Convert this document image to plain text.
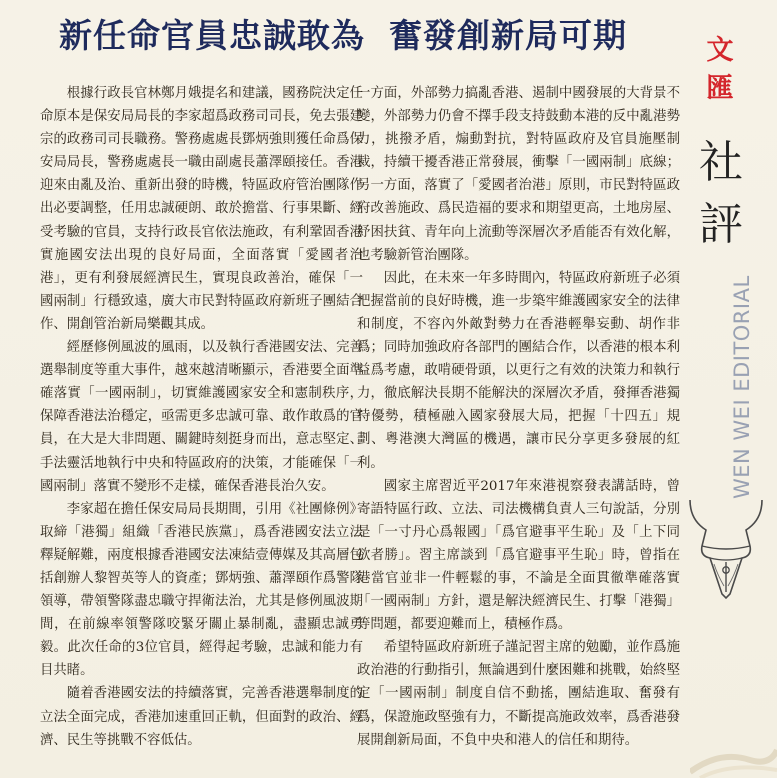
新任命官員忠誠敢為 奮發創新局可期

根據行政長官林鄭月娥提名和建議，國務院決定任命原本是保安局局長的李家超爲政務司司長，免去張建宗的政務司司長職務。警務處處長鄧炳強則獲任命爲保安局局長，警務處處長一職由副處長蕭澤頤接任。香港迎來由亂及治、重新出發的時機，特區政府管治團隊作出必要調整，任用忠誠硬朗、敢於擔當、行事果斷、經受考驗的官員，支持行政長官依法施政，有利鞏固香港實施國安法出現的良好局面，全面落實「愛國者治港」，更有利發展經濟民生，實現良政善治，確保「一國兩制」行穩致遠，廣大市民對特區政府新班子團結合作、開創管治新局樂觀其成。

經歷修例風波的風雨，以及執行香港國安法、完善選舉制度等重大事件，越來越清晰顯示，香港要全面準確落實「一國兩制」，切實維護國家安全和憲制秩序，保障香港法治穩定，亟需更多忠誠可靠、敢作敢爲的官員，在大是大非問題、關鍵時刻挺身而出，意志堅定、手法靈活地執行中央和特區政府的決策，才能確保「一國兩制」落實不變形不走樣，確保香港長治久安。

李家超在擔任保安局局長期間，引用《社團條例》取締「港獨」組織「香港民族黨」，爲香港國安法立法釋疑解難，兩度根據香港國安法凍結壹傳媒及其高層包括創辦人黎智英等人的資產；鄧炳強、蕭澤頤作爲警隊領導，帶領警隊盡忠職守捍衛法治，尤其是修例風波期間，在前線率領警隊咬緊牙關止暴制亂，盡顯忠誠勇毅。此次任命的3位官員，經得起考驗，忠誠和能力有目共睹。

隨着香港國安法的持續落實，完善香港選舉制度的立法全面完成，香港加速重回正軌，但面對的政治、經濟、民生等挑戰不容低估。

一方面，外部勢力搞亂香港、遏制中國發展的大背景不變，外部勢力仍會不擇手段支持鼓動本港的反中亂港勢力，挑撥矛盾，煽動對抗，對特區政府及官員施壓制裁，持續干擾香港正常發展，衝擊「一國兩制」底線；另一方面，落實了「愛國者治港」原則，市民對特區政府改善施政、爲民造福的要求和期望更高，土地房屋、紓困扶貧、青年向上流動等深層次矛盾能否有效化解，也考驗新管治團隊。

因此，在未來一年多時間內，特區政府新班子必須把握當前的良好時機，進一步築牢維護國家安全的法律和制度，不容內外敵對勢力在香港輕舉妄動、胡作非爲；同時加強政府各部門的團結合作，以香港的根本利益爲考慮，敢啃硬骨頭，以更行之有效的決策力和執行力，徹底解決長期不能解決的深層次矛盾，發揮香港獨特優勢，積極融入國家發展大局，把握「十四五」規劃、粵港澳大灣區的機遇，讓市民分享更多發展的紅利。

國家主席習近平2017年來港視察發表講話時，曾寄語特區行政、立法、司法機構負責人三句說話，分別是「一寸丹心爲報國」「爲官避事平生恥」及「上下同欲者勝」。習主席談到「爲官避事平生恥」時，曾指在港當官並非一件輕鬆的事，不論是全面貫徹準確落實「一國兩制」方針，還是解決經濟民生、打擊「港獨」等問題，都要迎難而上，積極作爲。

希望特區政府新班子謹記習主席的勉勵，並作爲施政治港的行動指引，無論遇到什麼困難和挑戰，始終堅定「一國兩制」制度自信不動搖，團結進取、奮發有爲，保證施政堅強有力，不斷提高施政效率，爲香港發展開創新局面，不負中央和港人的信任和期待。

文
匯
社
評
WEN WEI EDITORIAL
